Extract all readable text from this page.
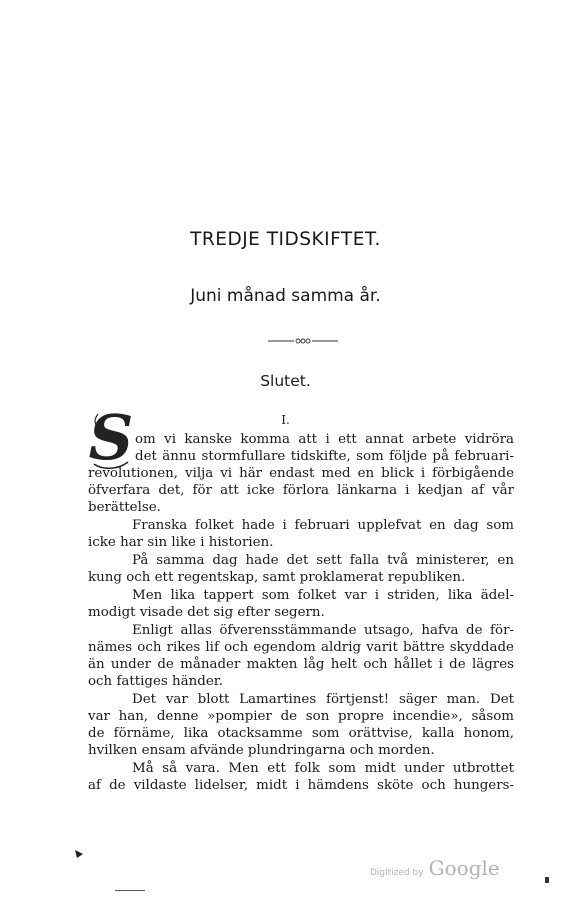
TREDJE TIDSKIFTET.
Juni månad samma år.
Slutet.
I.
S om vi kanske komma att i ett annat arbete vidröra
det ännu stormfullare tidskifte, som följde på februari-
revolutionen, vilja vi här endast med en blick i förbigående
öfverfara det, för att icke förlora länkarna i kedjan af vår
berättelse.
Franska folket hade i februari upplefvat en dag som
icke har sin like i historien.
På samma dag hade det sett falla två ministerer, en
kung och ett regentskap, samt proklamerat republiken.
Men lika tappert som folket var i striden, lika ädel-
modigt visade det sig efter segern.
Enligt allas öfverensstämmande utsago, hafva de för-
nämes och rikes lif och egendom aldrig varit bättre skyddade
än under de månader makten låg helt och hållet i de lägres
och fattiges händer.
Det var blott Lamartines förtjenst! säger man. Det
var han, denne »pompier de son propre incendie», såsom
de förnäme, lika otacksamme som orättvise, kalla honom,
hvilken ensam afvände plundringarna och morden.
Må så vara. Men ett folk som midt under utbrottet
af de vildaste lidelser, midt i hämdens sköte och hungers-
Digitized by Google
